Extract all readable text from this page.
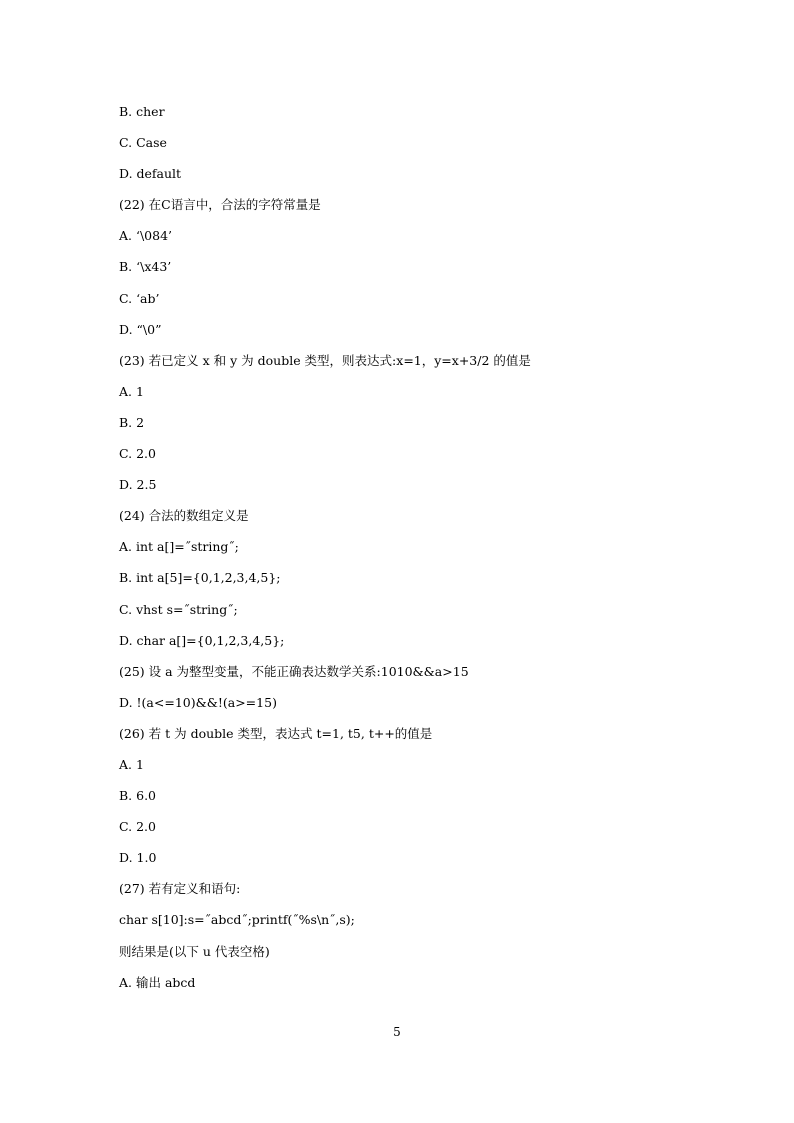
B. cher
C. Case
D. default
(22) 在C语言中，合法的字符常量是
A. ‘\084’
B. ‘\x43’
C. ‘ab’
D. “\0”
(23) 若已定义 x 和 y 为 double 类型，则表达式:x=1，y=x+3/2 的值是
A. 1
B. 2
C. 2.0
D. 2.5
(24) 合法的数组定义是
A. int a[]=˝string˝;
B. int a[5]={0,1,2,3,4,5};
C. vhst s=˝string˝;
D. char a[]={0,1,2,3,4,5};
(25) 设 a 为整型变量，不能正确表达数学关系:1010&&a>15
D. !(a<=10)&&!(a>=15)
(26) 若 t 为 double 类型，表达式 t=1, t5, t++的值是
A. 1
B. 6.0
C. 2.0
D. 1.0
(27) 若有定义和语句:
char s[10]:s=˝abcd˝;printf(˝%s\n˝,s);
则结果是(以下 u 代表空格)
A. 输出 abcd
5
